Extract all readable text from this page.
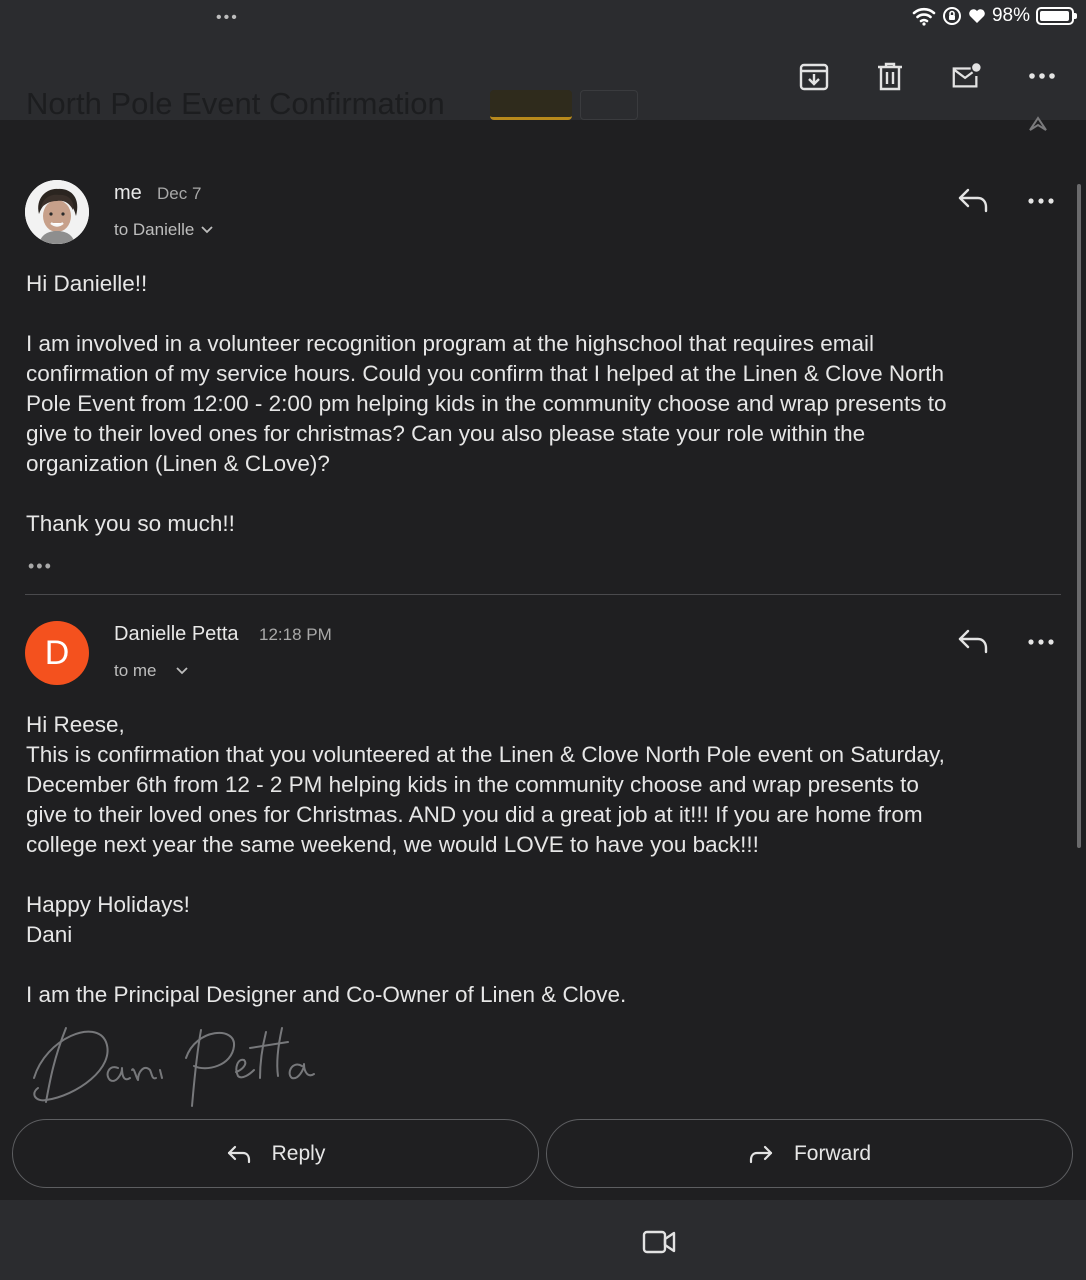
•••	98%
North Pole Event Confirmation
me Dec 7
to Danielle
Hi Danielle!!

I am involved in a volunteer recognition program at the highschool that requires email
confirmation of my service hours. Could you confirm that I helped at the Linen & Clove North
Pole Event from 12:00 - 2:00 pm helping kids in the community choose and wrap presents to
give to their loved ones for christmas? Can you also please state your role within the
organization (Linen & CLove)?

Thank you so much!!
•••
D	Danielle Petta 12:18 PM
to me
Hi Reese,
This is confirmation that you volunteered at the Linen & Clove North Pole event on Saturday,
December 6th from 12 - 2 PM helping kids in the community choose and wrap presents to
give to their loved ones for Christmas. AND you did a great job at it!!! If you are home from
college next year the same weekend, we would LOVE to have you back!!!

Happy Holidays!
Dani

I am the Principal Designer and Co-Owner of Linen & Clove.
Reply	Forward
